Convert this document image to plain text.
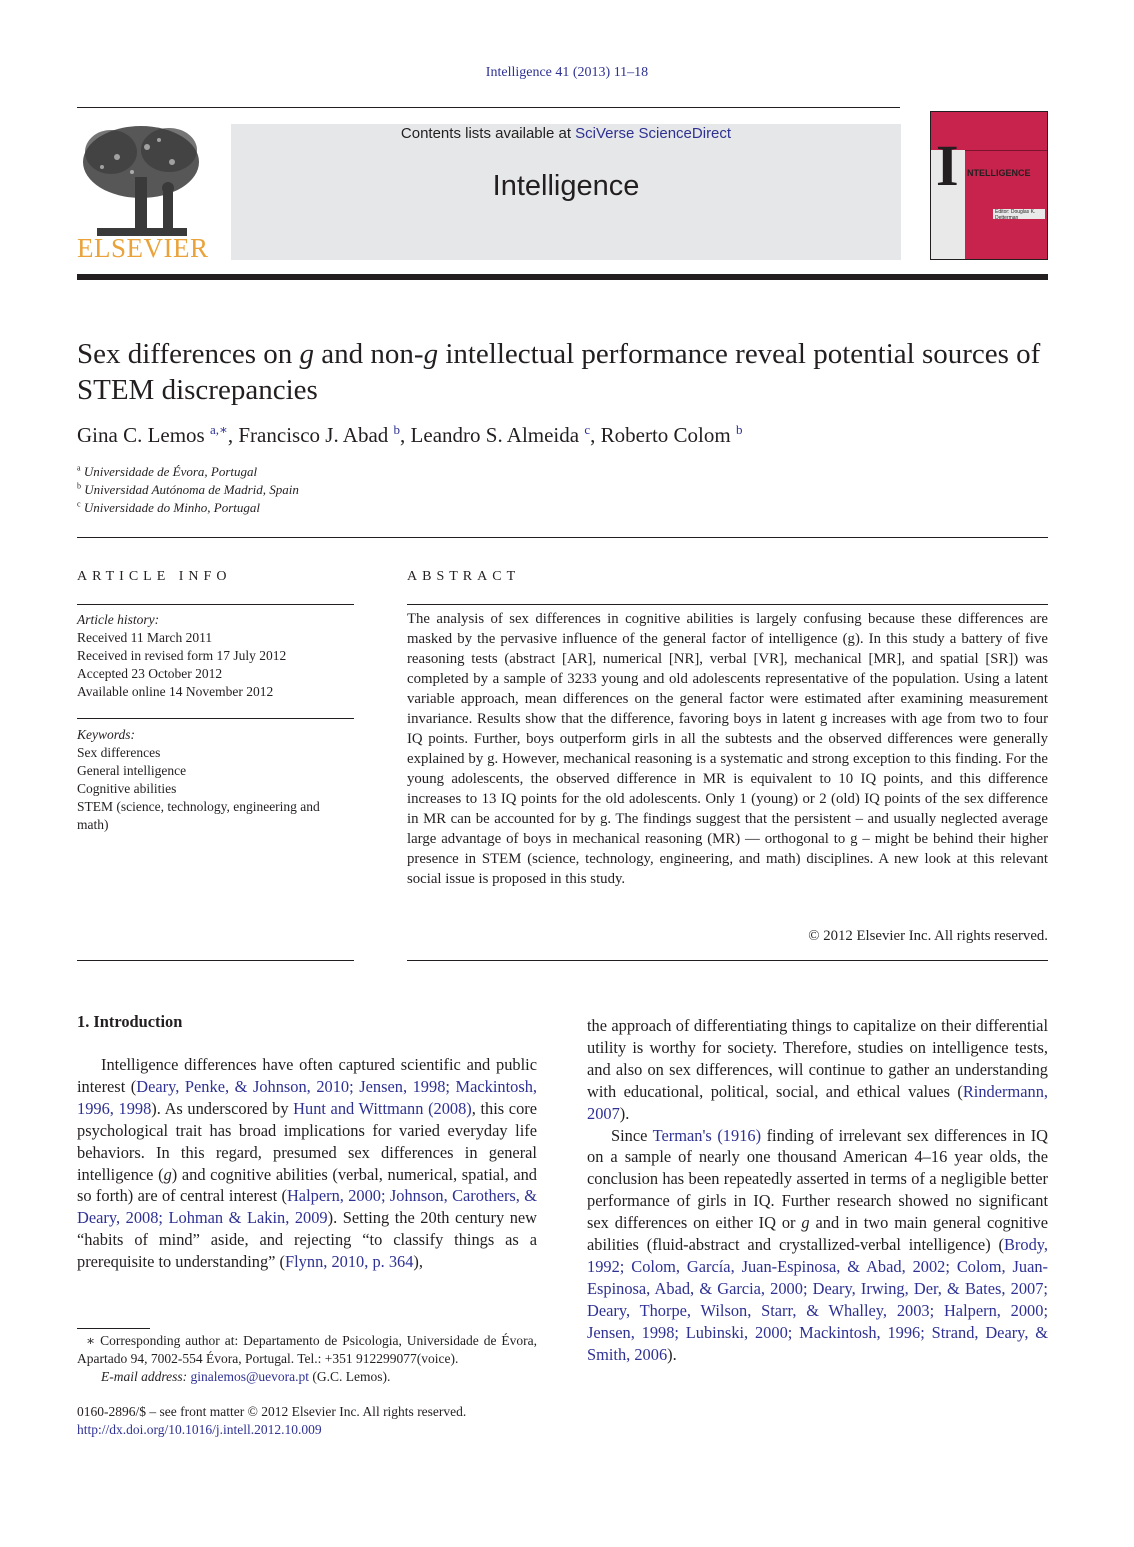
Intelligence 41 (2013) 11–18
ELSEVIER
Contents lists available at SciVerse ScienceDirect
Intelligence	I NTELLIGENCE
Editor: Douglas K. Detterman
Sex differences on g and non-g intellectual performance reveal potential sources of STEM discrepancies
Gina C. Lemos $^{a,∗}$, Francisco J. Abad $^b$, Leandro S. Almeida $^c$, Roberto Colom $^b$
$^a$ Universidade de Évora, Portugal
$^b$ Universidad Autónoma de Madrid, Spain
$^c$ Universidade do Minho, Portugal
ARTICLE INFO
Article history:
Received 11 March 2011
Received in revised form 17 July 2012
Accepted 23 October 2012
Available online 14 November 2012
Keywords:
Sex differences
General intelligence
Cognitive abilities
STEM (science, technology, engineering and math)
ABSTRACT
The analysis of sex differences in cognitive abilities is largely confusing because these differences are masked by the pervasive influence of the general factor of intelligence (g). In this study a battery of five reasoning tests (abstract [AR], numerical [NR], verbal [VR], mechanical [MR], and spatial [SR]) was completed by a sample of 3233 young and old adolescents representative of the population. Using a latent variable approach, mean differences on the general factor were estimated after examining measurement invariance. Results show that the difference, favoring boys in latent g increases with age from two to four IQ points. Further, boys outperform girls in all the subtests and the observed differences were generally explained by g. However, mechanical reasoning is a systematic and strong exception to this finding. For the young adolescents, the observed difference in MR is equivalent to 10 IQ points, and this difference increases to 13 IQ points for the old adolescents. Only 1 (young) or 2 (old) IQ points of the sex difference in MR can be accounted for by g. The findings suggest that the persistent – and usually neglected average large advantage of boys in mechanical reasoning (MR) — orthogonal to g – might be behind their higher presence in STEM (science, technology, engineering, and math) disciplines. A new look at this relevant social issue is proposed in this study.
© 2012 Elsevier Inc. All rights reserved.
1. Introduction

Intelligence differences have often captured scientific and public interest (Deary, Penke, & Johnson, 2010; Jensen, 1998; Mackintosh, 1996, 1998). As underscored by Hunt and Wittmann (2008), this core psychological trait has broad implications for varied everyday life behaviors. In this regard, presumed sex differences in general intelligence (g) and cognitive abilities (verbal, numerical, spatial, and so forth) are of central interest (Halpern, 2000; Johnson, Carothers, & Deary, 2008; Lohman & Lakin, 2009). Setting the 20th century new “habits of mind” aside, and rejecting “to classify things as a prerequisite to understanding” (Flynn, 2010, p. 364),

the approach of differentiating things to capitalize on their differential utility is worthy for society. Therefore, studies on intelligence tests, and also on sex differences, will continue to gather an understanding with educational, political, social, and ethical values (Rindermann, 2007).

Since Terman's (1916) finding of irrelevant sex differences in IQ on a sample of nearly one thousand American 4–16 year olds, the conclusion has been repeatedly asserted in terms of a negligible better performance of girls in IQ. Further research showed no significant sex differences on either IQ or g and in two main general cognitive abilities (fluid-abstract and crystallized-verbal intelligence) (Brody, 1992; Colom, García, Juan-Espinosa, & Abad, 2002; Colom, Juan-Espinosa, Abad, & Garcia, 2000; Deary, Irwing, Der, & Bates, 2007; Deary, Thorpe, Wilson, Starr, & Whalley, 2003; Halpern, 2000; Jensen, 1998; Lubinski, 2000; Mackintosh, 1996; Strand, Deary, & Smith, 2006).

∗ Corresponding author at: Departamento de Psicologia, Universidade de Évora, Apartado 94, 7002-554 Évora, Portugal. Tel.: +351 912299077(voice).
E-mail address: ginalemos@uevora.pt (G.C. Lemos).
0160-2896/$ – see front matter © 2012 Elsevier Inc. All rights reserved.
http://dx.doi.org/10.1016/j.intell.2012.10.009
